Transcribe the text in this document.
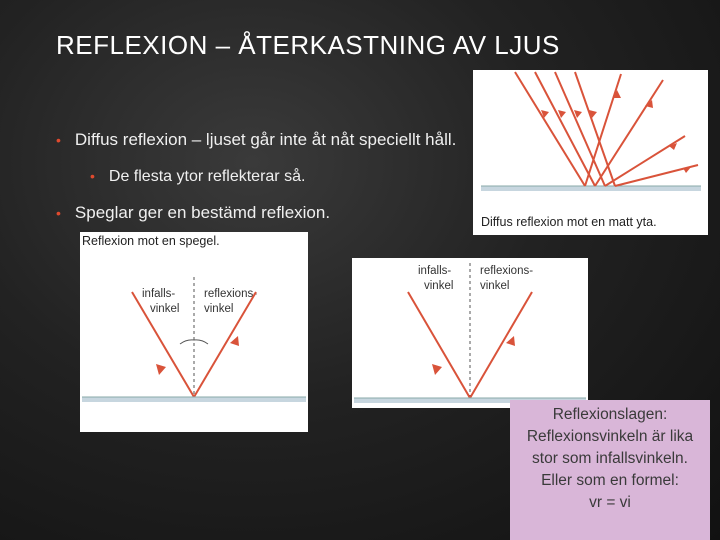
REFLEXION – ÅTERKASTNING AV LJUS
• Diffus reflexion – ljuset går inte åt nåt speciellt håll.
• De flesta ytor reflekterar så.
• Speglar ger en bestämd reflexion.	Diffus reflexion mot en matt yta.
Reflexion mot en spegel.
infalls-
vinkel
reflexions-
vinkel
infalls-
vinkel
reflexions-
vinkel
Reflexionslagen:
Reflexionsvinkeln är lika
stor som infallsvinkeln.
Eller som en formel:
vr = vi
